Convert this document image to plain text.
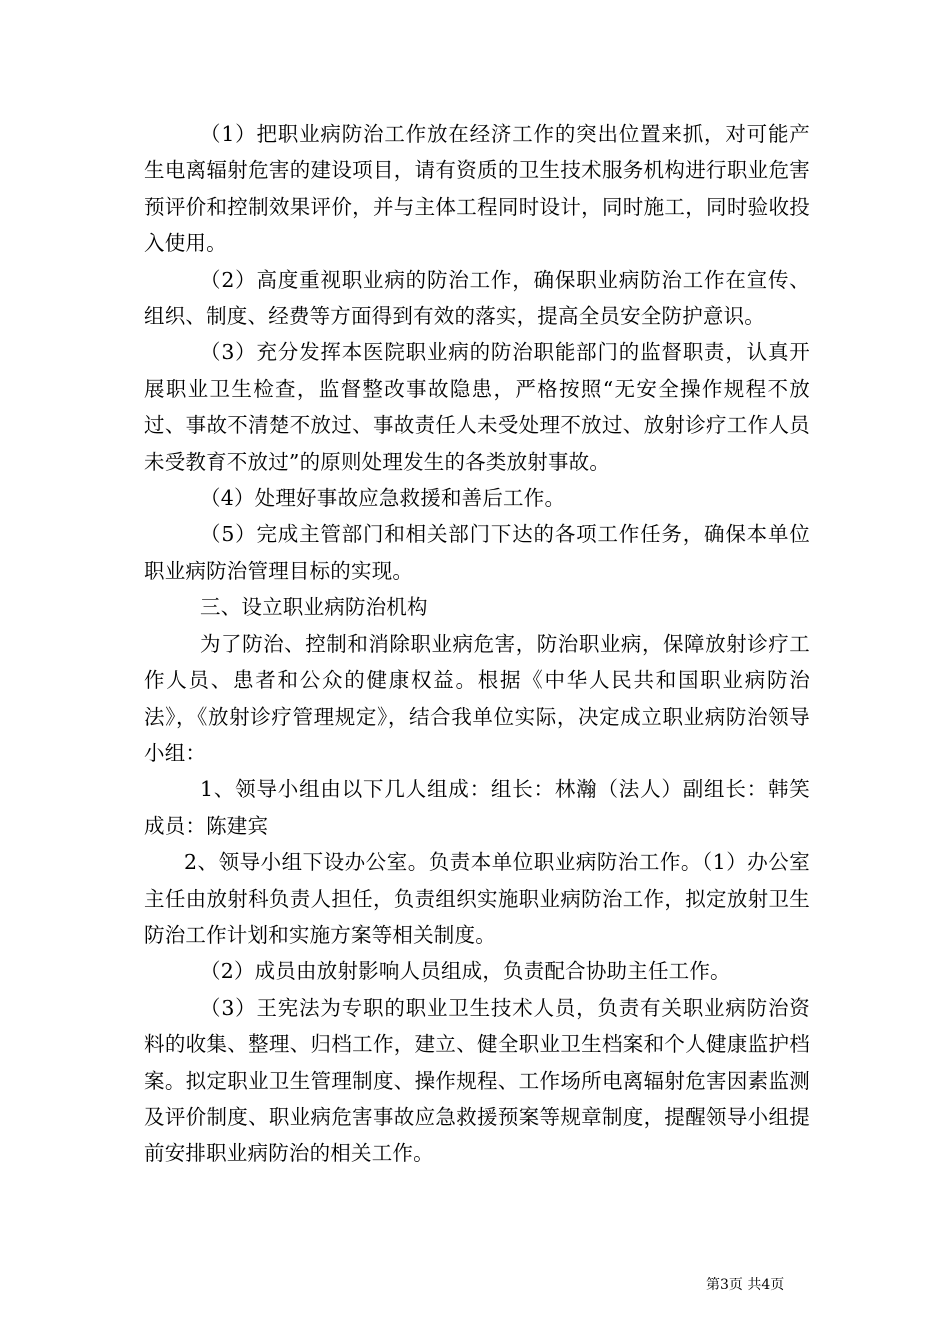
（1）把职业病防治工作放在经济工作的突出位置来抓，对可能产生电离辐射危害的建设项目，请有资质的卫生技术服务机构进行职业危害预评价和控制效果评价，并与主体工程同时设计，同时施工，同时验收投入使用。

（2）高度重视职业病的防治工作，确保职业病防治工作在宣传、组织、制度、经费等方面得到有效的落实，提高全员安全防护意识。

（3）充分发挥本医院职业病的防治职能部门的监督职责，认真开展职业卫生检查，监督整改事故隐患，严格按照“无安全操作规程不放过、事故不清楚不放过、事故责任人未受处理不放过、放射诊疗工作人员未受教育不放过”的原则处理发生的各类放射事故。

（4）处理好事故应急救援和善后工作。

（5）完成主管部门和相关部门下达的各项工作任务，确保本单位职业病防治管理目标的实现。

三、设立职业病防治机构

为了防治、控制和消除职业病危害，防治职业病，保障放射诊疗工作人员、患者和公众的健康权益。根据《中华人民共和国职业病防治法》，《放射诊疗管理规定》，结合我单位实际，决定成立职业病防治领导小组：

1、领导小组由以下几人组成：组长：林瀚（法人）副组长：韩笑成员：陈建宾

2、领导小组下设办公室。负责本单位职业病防治工作。（1）办公室主任由放射科负责人担任，负责组织实施职业病防治工作，拟定放射卫生防治工作计划和实施方案等相关制度。

（2）成员由放射影响人员组成，负责配合协助主任工作。

（3）王宪法为专职的职业卫生技术人员，负责有关职业病防治资料的收集、整理、归档工作，建立、健全职业卫生档案和个人健康监护档案。拟定职业卫生管理制度、操作规程、工作场所电离辐射危害因素监测及评价制度、职业病危害事故应急救援预案等规章制度，提醒领导小组提前安排职业病防治的相关工作。

第3页 共4页
